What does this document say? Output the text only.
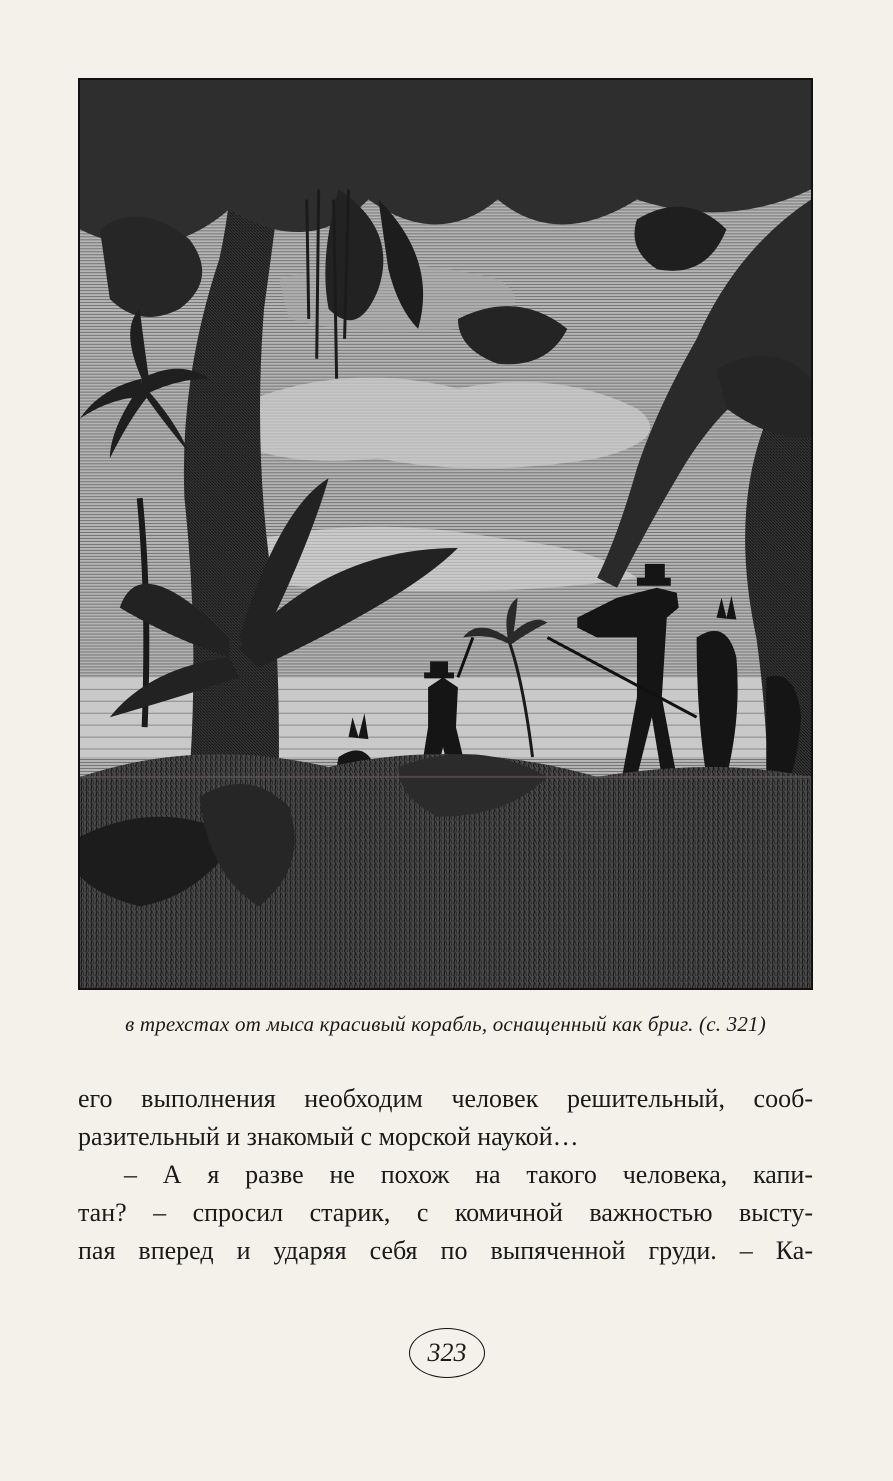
в трехстах от мыса красивый корабль, оснащенный как бриг. (с. 321)
его выполнения необходим человек решительный, сооб-
разительный и знакомый с морской наукой…
– А я разве не похож на такого человека, капи-
тан? – спросил старик, с комичной важностью высту-
пая вперед и ударяя себя по выпяченной груди. – Ка-
323
